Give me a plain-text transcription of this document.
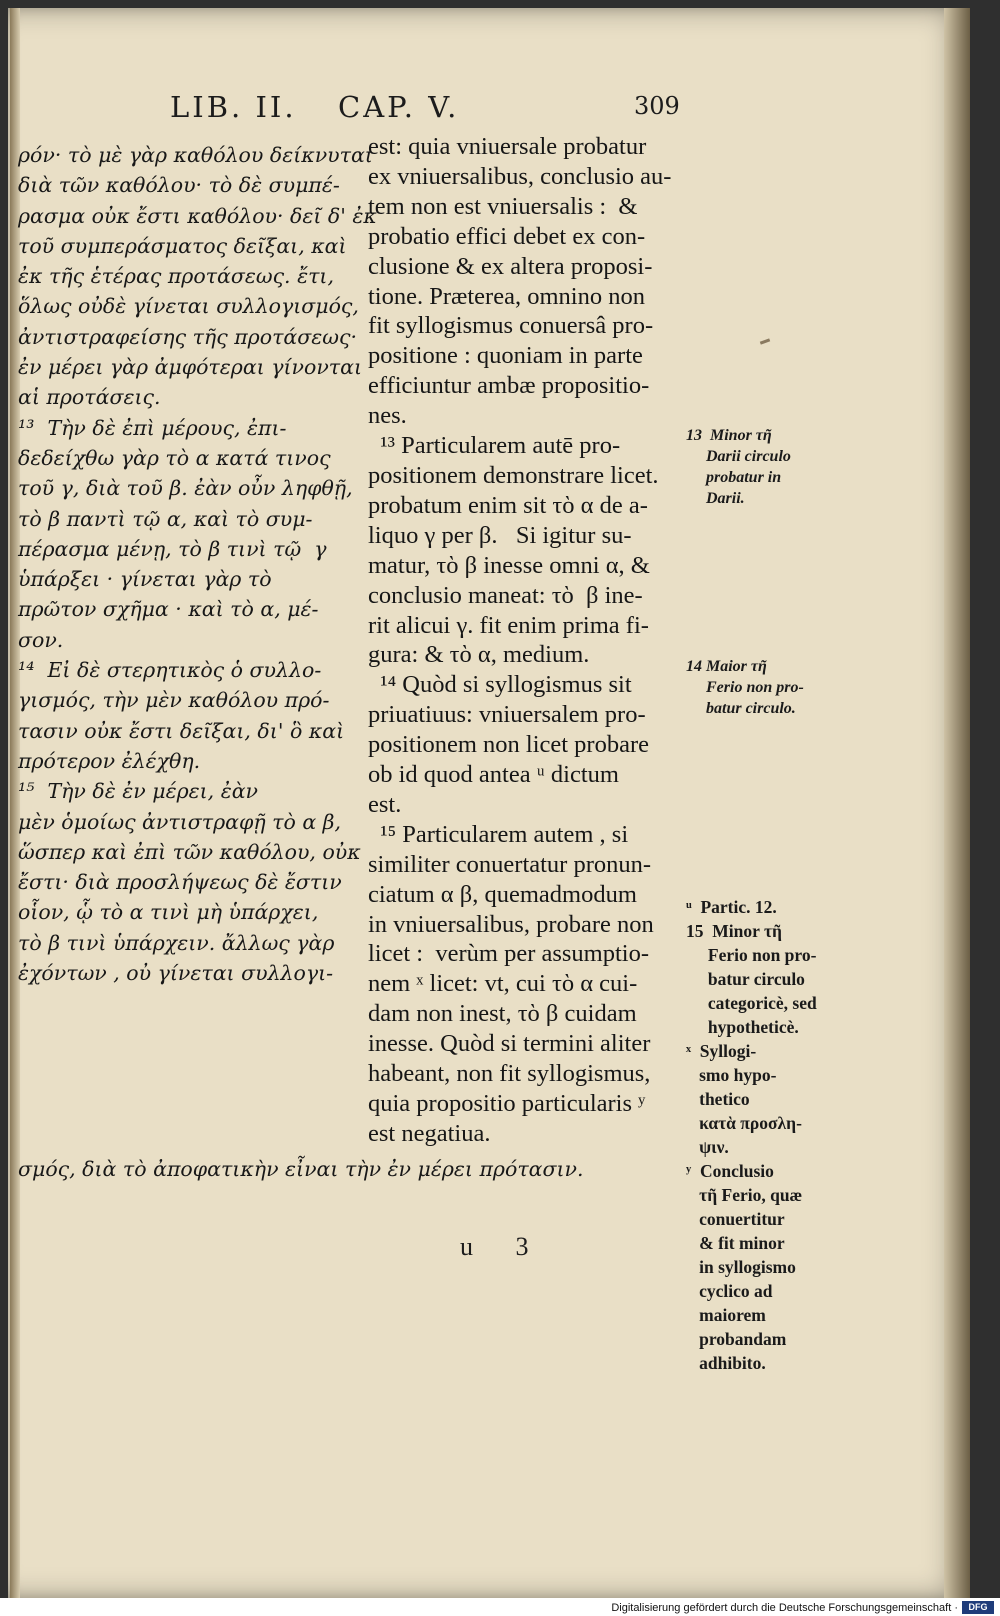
LIB. II. CAP. V.	309
ρόν· τὸ μὲ γὰρ καθόλου δείκνυται
διὰ τῶν καθόλου· τὸ δὲ συμπέ-
ρασμα οὐκ ἔστι καθόλου· δεῖ δ' ἐκ
τοῦ συμπεράσματος δεῖξαι, καὶ
ἐκ τῆς ἑτέρας προτάσεως. ἔτι,
ὅλως οὐδὲ γίνεται συλλογισμός,
ἀντιστραφείσης τῆς προτάσεως·
ἐν μέρει γὰρ ἀμφότεραι γίνονται
αἱ προτάσεις.
¹³  Τὴν δὲ ἐπὶ μέρους, ἐπι-
δεδείχθω γὰρ τὸ α κατά τινος
τοῦ γ, διὰ τοῦ β. ἐὰν οὖν ληφθῇ,
τὸ β παντὶ τῷ α, καὶ τὸ συμ-
πέρασμα μένῃ, τὸ β τινὶ τῷ  γ
ὑπάρξει · γίνεται γὰρ τὸ
πρῶτον σχῆμα · καὶ τὸ α, μέ-
σον.
¹⁴  Εἰ δὲ στερητικὸς ὁ συλλο-
γισμός, τὴν μὲν καθόλου πρό-
τασιν οὐκ ἔστι δεῖξαι, δι' ὃ καὶ
πρότερον ἐλέχθη.
¹⁵  Τὴν δὲ ἐν μέρει, ἐὰν
μὲν ὁμοίως ἀντιστραφῇ τὸ α β,
ὥσπερ καὶ ἐπὶ τῶν καθόλου, οὐκ
ἔστι· διὰ προσλήψεως δὲ ἔστιν
οἷον, ᾧ τὸ α τινὶ μὴ ὑπάρχει,
τὸ β τινὶ ὑπάρχειν. ἄλλως γὰρ
ἐχόντων , οὐ γίνεται συλλογι-
est: quia vniuersale probatur
ex vniuersalibus, conclusio au-
tem non est vniuersalis :  &
probatio effici debet ex con-
clusione & ex altera proposi-
tione. Præterea, omnino non
fit syllogismus conuersâ pro-
positione : quoniam in parte
efficiuntur ambæ propositio-
nes.
¹³ Particularem autē pro-
positionem demonstrare licet.
probatum enim sit τὸ α de a-
liquo γ per β.   Si igitur su-
matur, τὸ β inesse omni α, &
conclusio maneat: τὸ  β ine-
rit alicui γ. fit enim prima fi-
gura: & τὸ α, medium.
¹⁴ Quòd si syllogismus sit
priuatiuus: vniuersalem pro-
positionem non licet probare
ob id quod antea ᵘ dictum
est.
¹⁵ Particularem autem , si
similiter conuertatur pronun-
ciatum α β, quemadmodum
in vniuersalibus, probare non
licet :  verùm per assumptio-
nem ˣ licet: vt, cui τὸ α cui-
dam non inest, τὸ β cuidam
inesse. Quòd si termini aliter
habeant, non fit syllogismus,
quia propositio particularis ʸ
est negatiua.
σμός, διὰ τὸ ἀποφατικὴν εἶναι τὴν ἐν μέρει πρότασιν.
13  Minor τῆ
Darii circulo
probatur in
Darii.

14 Maior τῆ
Ferio non pro-
batur circulo.

ᵘ  Partic. 12.
15  Minor τῆ
Ferio non pro-
batur circulo
categoricè, sed
hypotheticè.
ˣ  Syllogi-
smo hypo-
thetico
κατὰ προσλη-
ψιν.
ʸ  Conclusio
τῆ Ferio, quæ
conuertitur
& fit minor
in syllogismo
cyclico ad
maiorem
probandam
adhibito.
u 3
Digitalisierung gefördert durch die Deutsche Forschungsgemeinschaft ·	DFG
